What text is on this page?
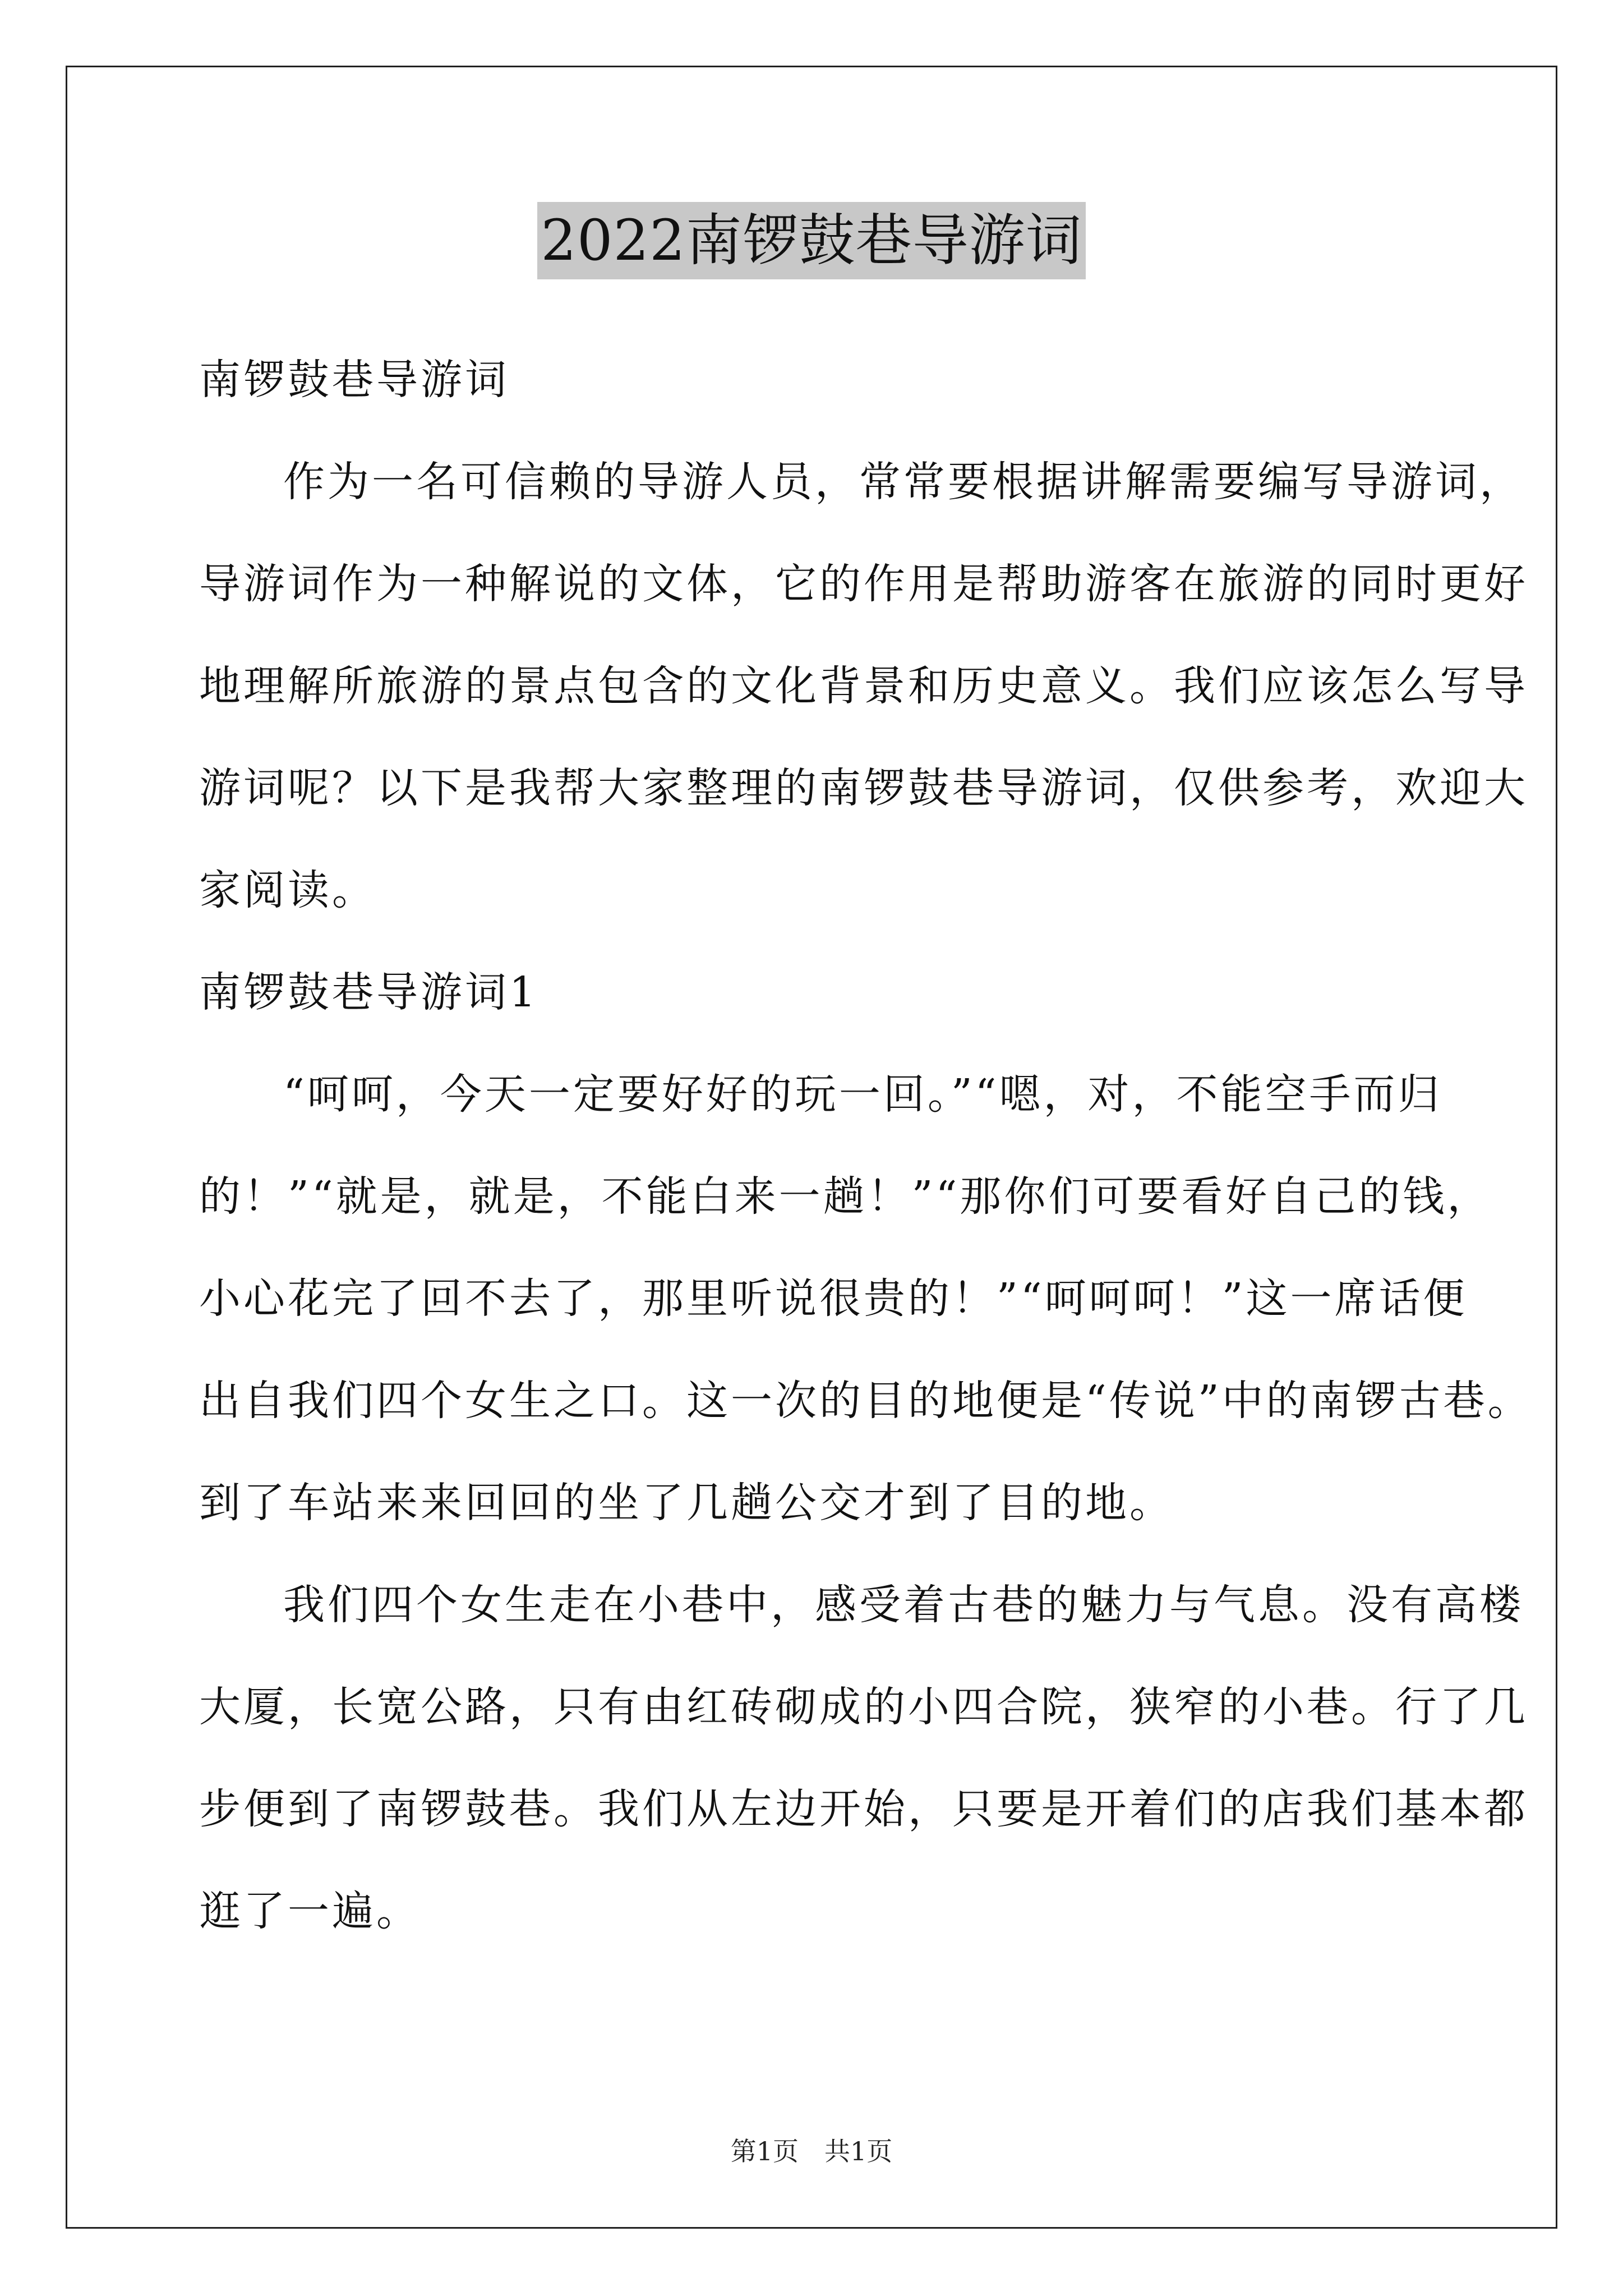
2022南锣鼓巷导游词
南锣鼓巷导游词
作为一名可信赖的导游人员，常常要根据讲解需要编写导游词，
导游词作为一种解说的文体，它的作用是帮助游客在旅游的同时更好
地理解所旅游的景点包含的文化背景和历史意义。我们应该怎么写导
游词呢？以下是我帮大家整理的南锣鼓巷导游词，仅供参考，欢迎大
家阅读。
南锣鼓巷导游词1
“呵呵，今天一定要好好的玩一回。”“嗯，对，不能空手而归
的！”“就是，就是，不能白来一趟！”“那你们可要看好自己的钱，
小心花完了回不去了，那里听说很贵的！”“呵呵呵！”这一席话便
出自我们四个女生之口。这一次的目的地便是“传说”中的南锣古巷。
到了车站来来回回的坐了几趟公交才到了目的地。
我们四个女生走在小巷中，感受着古巷的魅力与气息。没有高楼
大厦，长宽公路，只有由红砖砌成的小四合院，狭窄的小巷。行了几
步便到了南锣鼓巷。我们从左边开始，只要是开着们的店我们基本都
逛了一遍。
第1页　共1页
